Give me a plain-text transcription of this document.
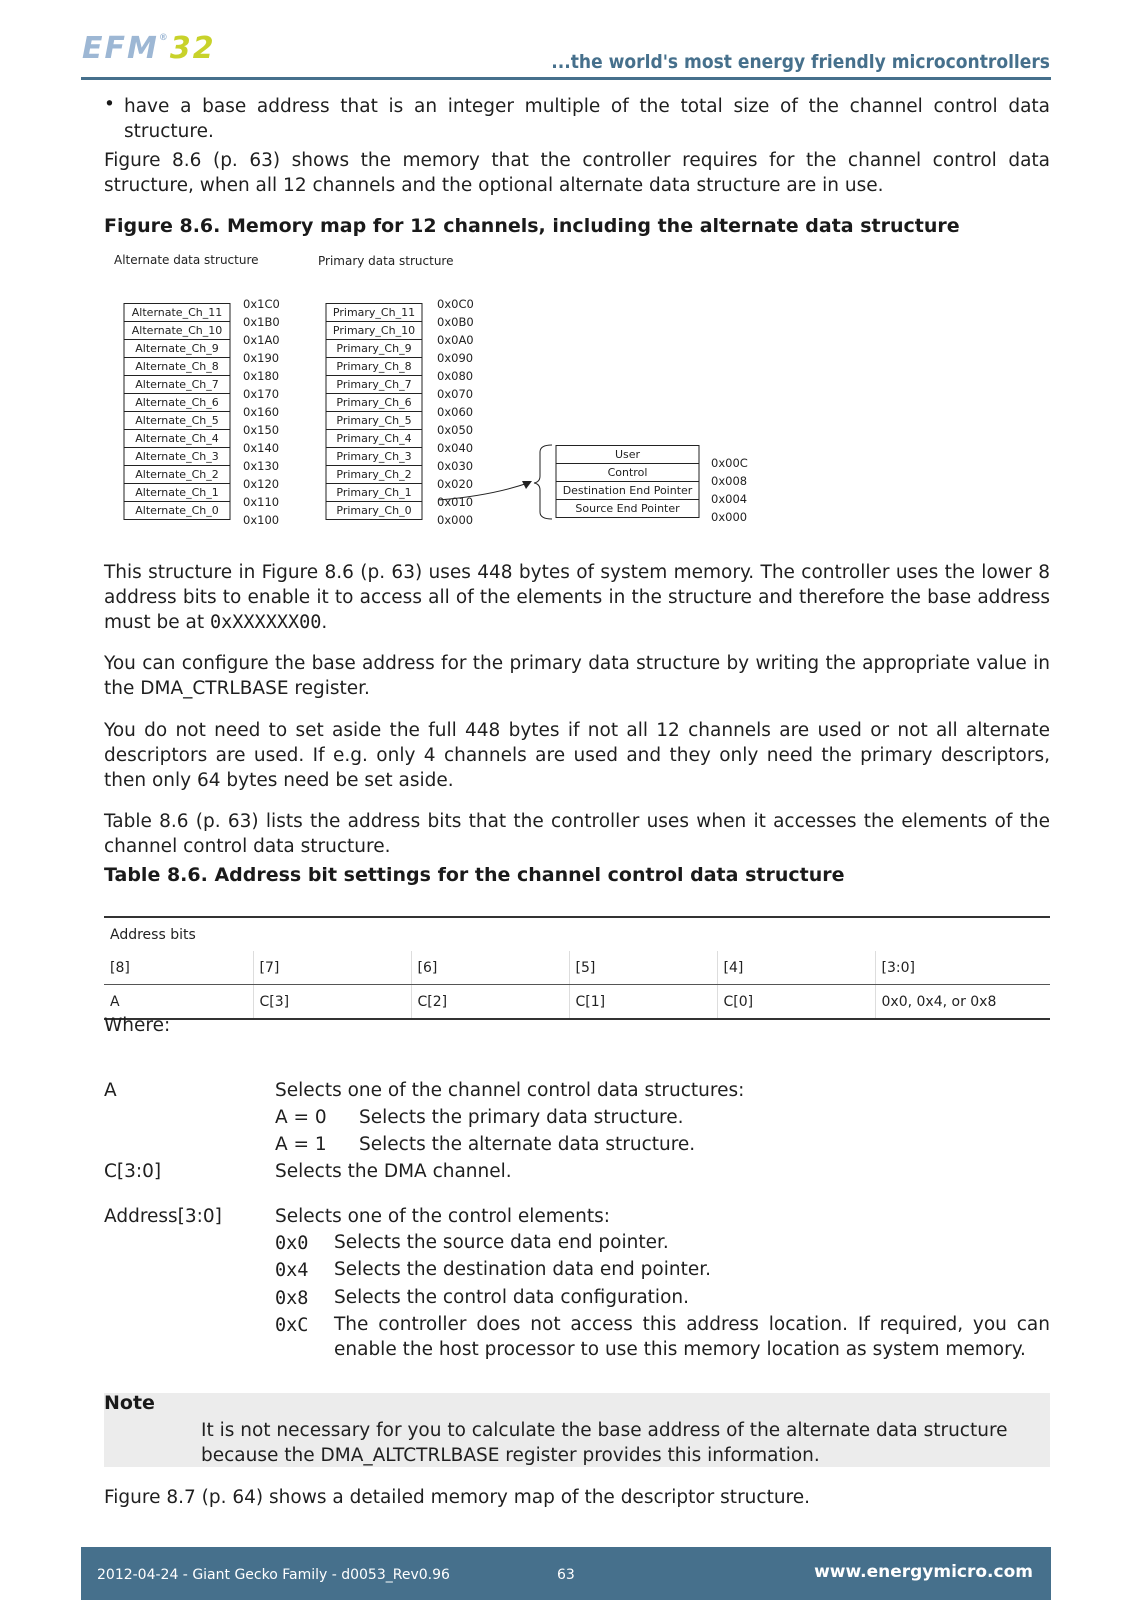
EFM®32	...the world's most energy friendly microcontrollers
• have a base address that is an integer multiple of the total size of the channel control data structure.
Figure 8.6 (p. 63) shows the memory that the controller requires for the channel control data structure, when all 12 channels and the optional alternate data structure are in use.
Figure 8.6. Memory map for 12 channels, including the alternate data structure
Alternate data structure	Primary data structure
Alternate_Ch_11
Alternate_Ch_10
Alternate_Ch_9
Alternate_Ch_8
Alternate_Ch_7
Alternate_Ch_6
Alternate_Ch_5
Alternate_Ch_4
Alternate_Ch_3
Alternate_Ch_2
Alternate_Ch_1
Alternate_Ch_0
0x1C0
0x1B0
0x1A0
0x190
0x180
0x170
0x160
0x150
0x140
0x130
0x120
0x110
0x100
Primary_Ch_11
Primary_Ch_10
Primary_Ch_9
Primary_Ch_8
Primary_Ch_7
Primary_Ch_6
Primary_Ch_5
Primary_Ch_4
Primary_Ch_3
Primary_Ch_2
Primary_Ch_1
Primary_Ch_0
0x0C0
0x0B0
0x0A0
0x090
0x080
0x070
0x060
0x050
0x040
0x030
0x020
0x010
0x000
User
Control
Destination End Pointer
Source End Pointer
0x00C
0x008
0x004
0x000
This structure in Figure 8.6 (p. 63) uses 448 bytes of system memory. The controller uses the lower 8 address bits to enable it to access all of the elements in the structure and therefore the base address must be at 0xXXXXXX00.
You can configure the base address for the primary data structure by writing the appropriate value in the DMA_CTRLBASE register.
You do not need to set aside the full 448 bytes if not all 12 channels are used or not all alternate descriptors are used. If e.g. only 4 channels are used and they only need the primary descriptors, then only 64 bytes need be set aside.
Table 8.6 (p. 63) lists the address bits that the controller uses when it accesses the elements of the channel control data structure.
Table 8.6. Address bit settings for the channel control data structure
Address bits					
[8]	[7]	[6]	[5]	[4]	[3:0]
A	C[3]	C[2]	C[1]	C[0]	0x0, 0x4, or 0x8
Where:
A	Selects one of the channel control data structures:
A = 0 Selects the primary data structure.
A = 1 Selects the alternate data structure.
C[3:0]	Selects the DMA channel.
Address[3:0]	Selects one of the control elements:
0x0 Selects the source data end pointer.
0x4 Selects the destination data end pointer.
0x8 Selects the control data configuration.
0xC The controller does not access this address location. If required, you can enable the host processor to use this memory location as system memory.
Note
It is not necessary for you to calculate the base address of the alternate data structure because the DMA_ALTCTRLBASE register provides this information.
Figure 8.7 (p. 64) shows a detailed memory map of the descriptor structure.
2012-04-24 - Giant Gecko Family - d0053_Rev0.96	63	www.energymicro.com
